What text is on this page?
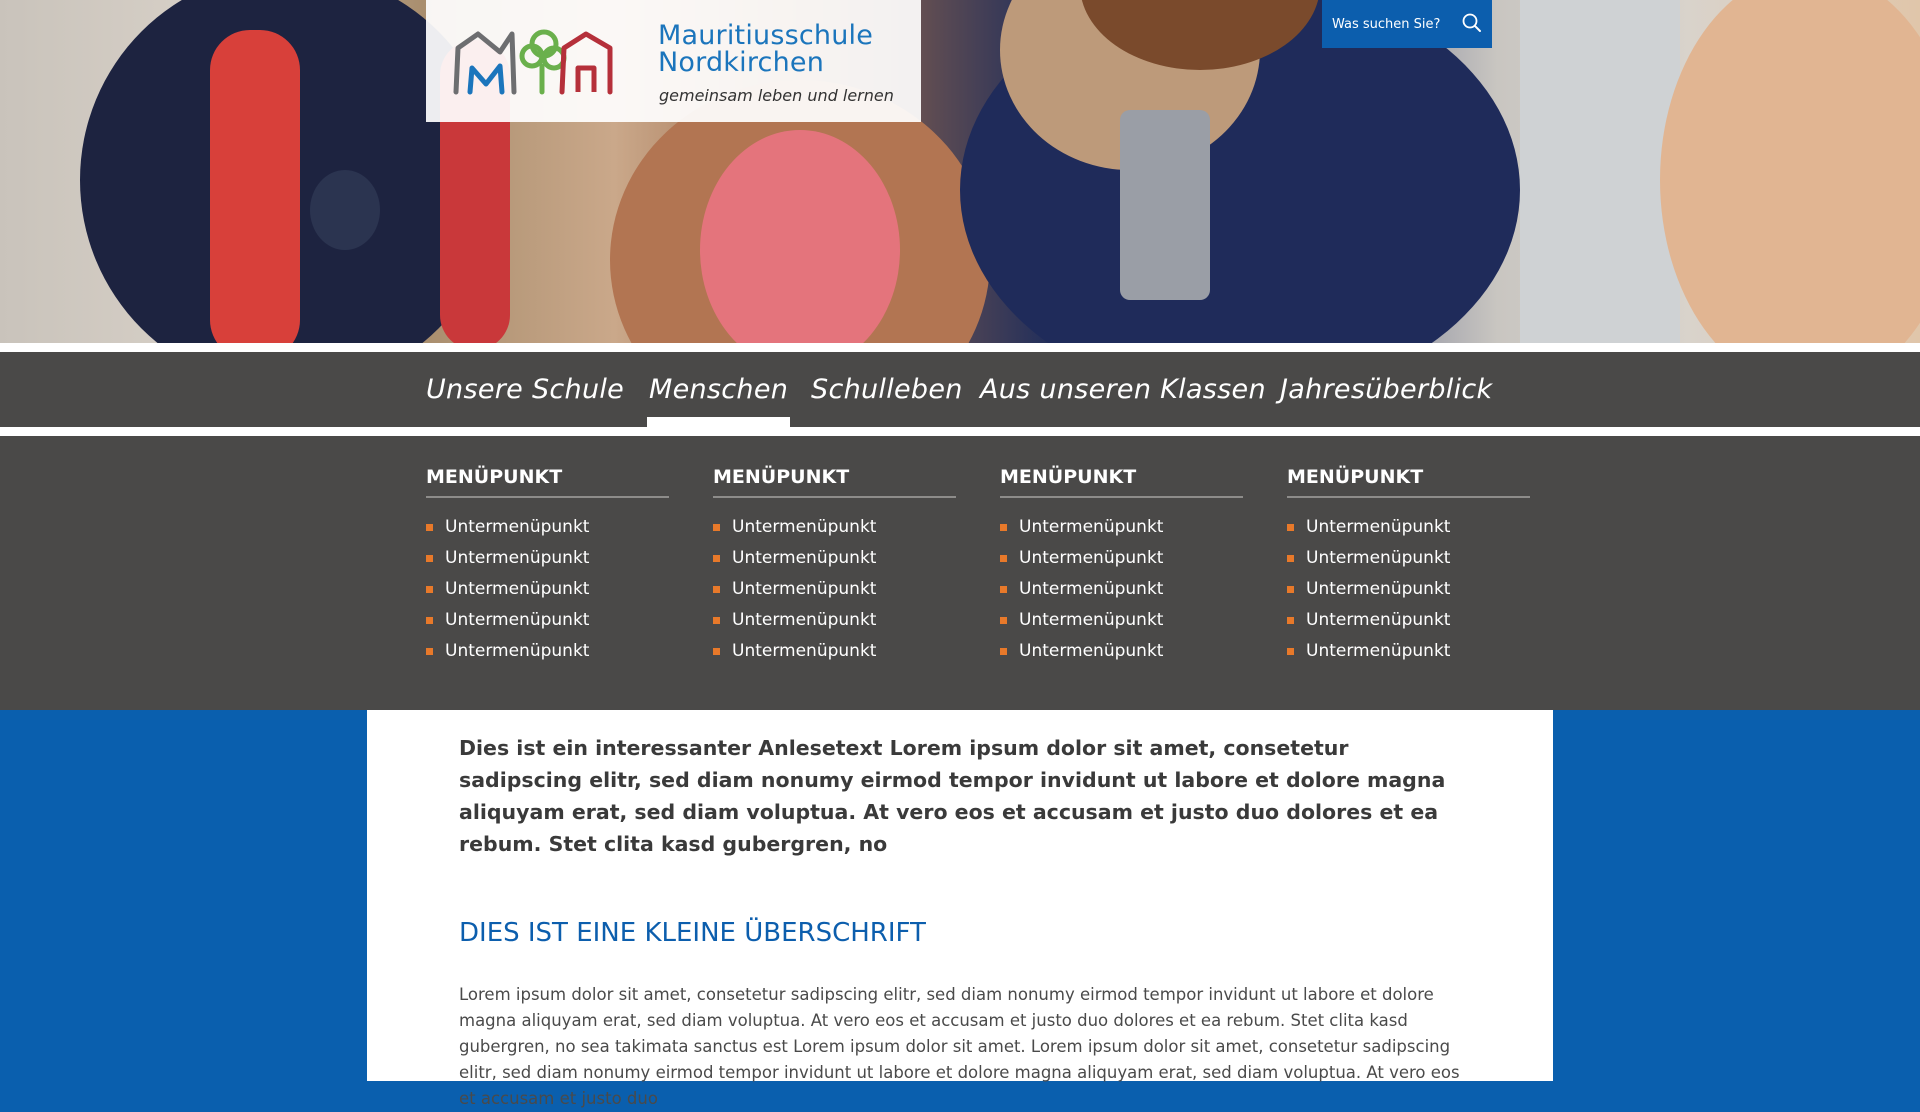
Mauritiusschule
Nordkirchen
gemeinsam leben und lernen
Was suchen Sie?
Unsere Schule Menschen Schulleben Aus unseren Klassen Jahresüberblick
MENÜPUNKT
Untermenüpunkt
Untermenüpunkt
Untermenüpunkt
Untermenüpunkt
Untermenüpunkt
MENÜPUNKT
Untermenüpunkt
Untermenüpunkt
Untermenüpunkt
Untermenüpunkt
Untermenüpunkt
MENÜPUNKT
Untermenüpunkt
Untermenüpunkt
Untermenüpunkt
Untermenüpunkt
Untermenüpunkt
MENÜPUNKT
Untermenüpunkt
Untermenüpunkt
Untermenüpunkt
Untermenüpunkt
Untermenüpunkt

Dies ist ein interessanter Anlesetext Lorem ipsum dolor sit amet, consetetur sadipscing elitr, sed diam nonumy eirmod tempor invidunt ut labore et dolore magna aliquyam erat, sed diam voluptua. At vero eos et accusam et justo duo dolores et ea rebum. Stet clita kasd gubergren, no

DIES IST EINE KLEINE ÜBERSCHRIFT

Lorem ipsum dolor sit amet, consetetur sadipscing elitr, sed diam nonumy eirmod tempor invidunt ut labore et dolore magna aliquyam erat, sed diam voluptua. At vero eos et accusam et justo duo dolores et ea rebum. Stet clita kasd gubergren, no sea takimata sanctus est Lorem ipsum dolor sit amet. Lorem ipsum dolor sit amet, consetetur sadipscing elitr, sed diam nonumy eirmod tempor invidunt ut labore et dolore magna aliquyam erat, sed diam voluptua. At vero eos et accusam et justo duo
